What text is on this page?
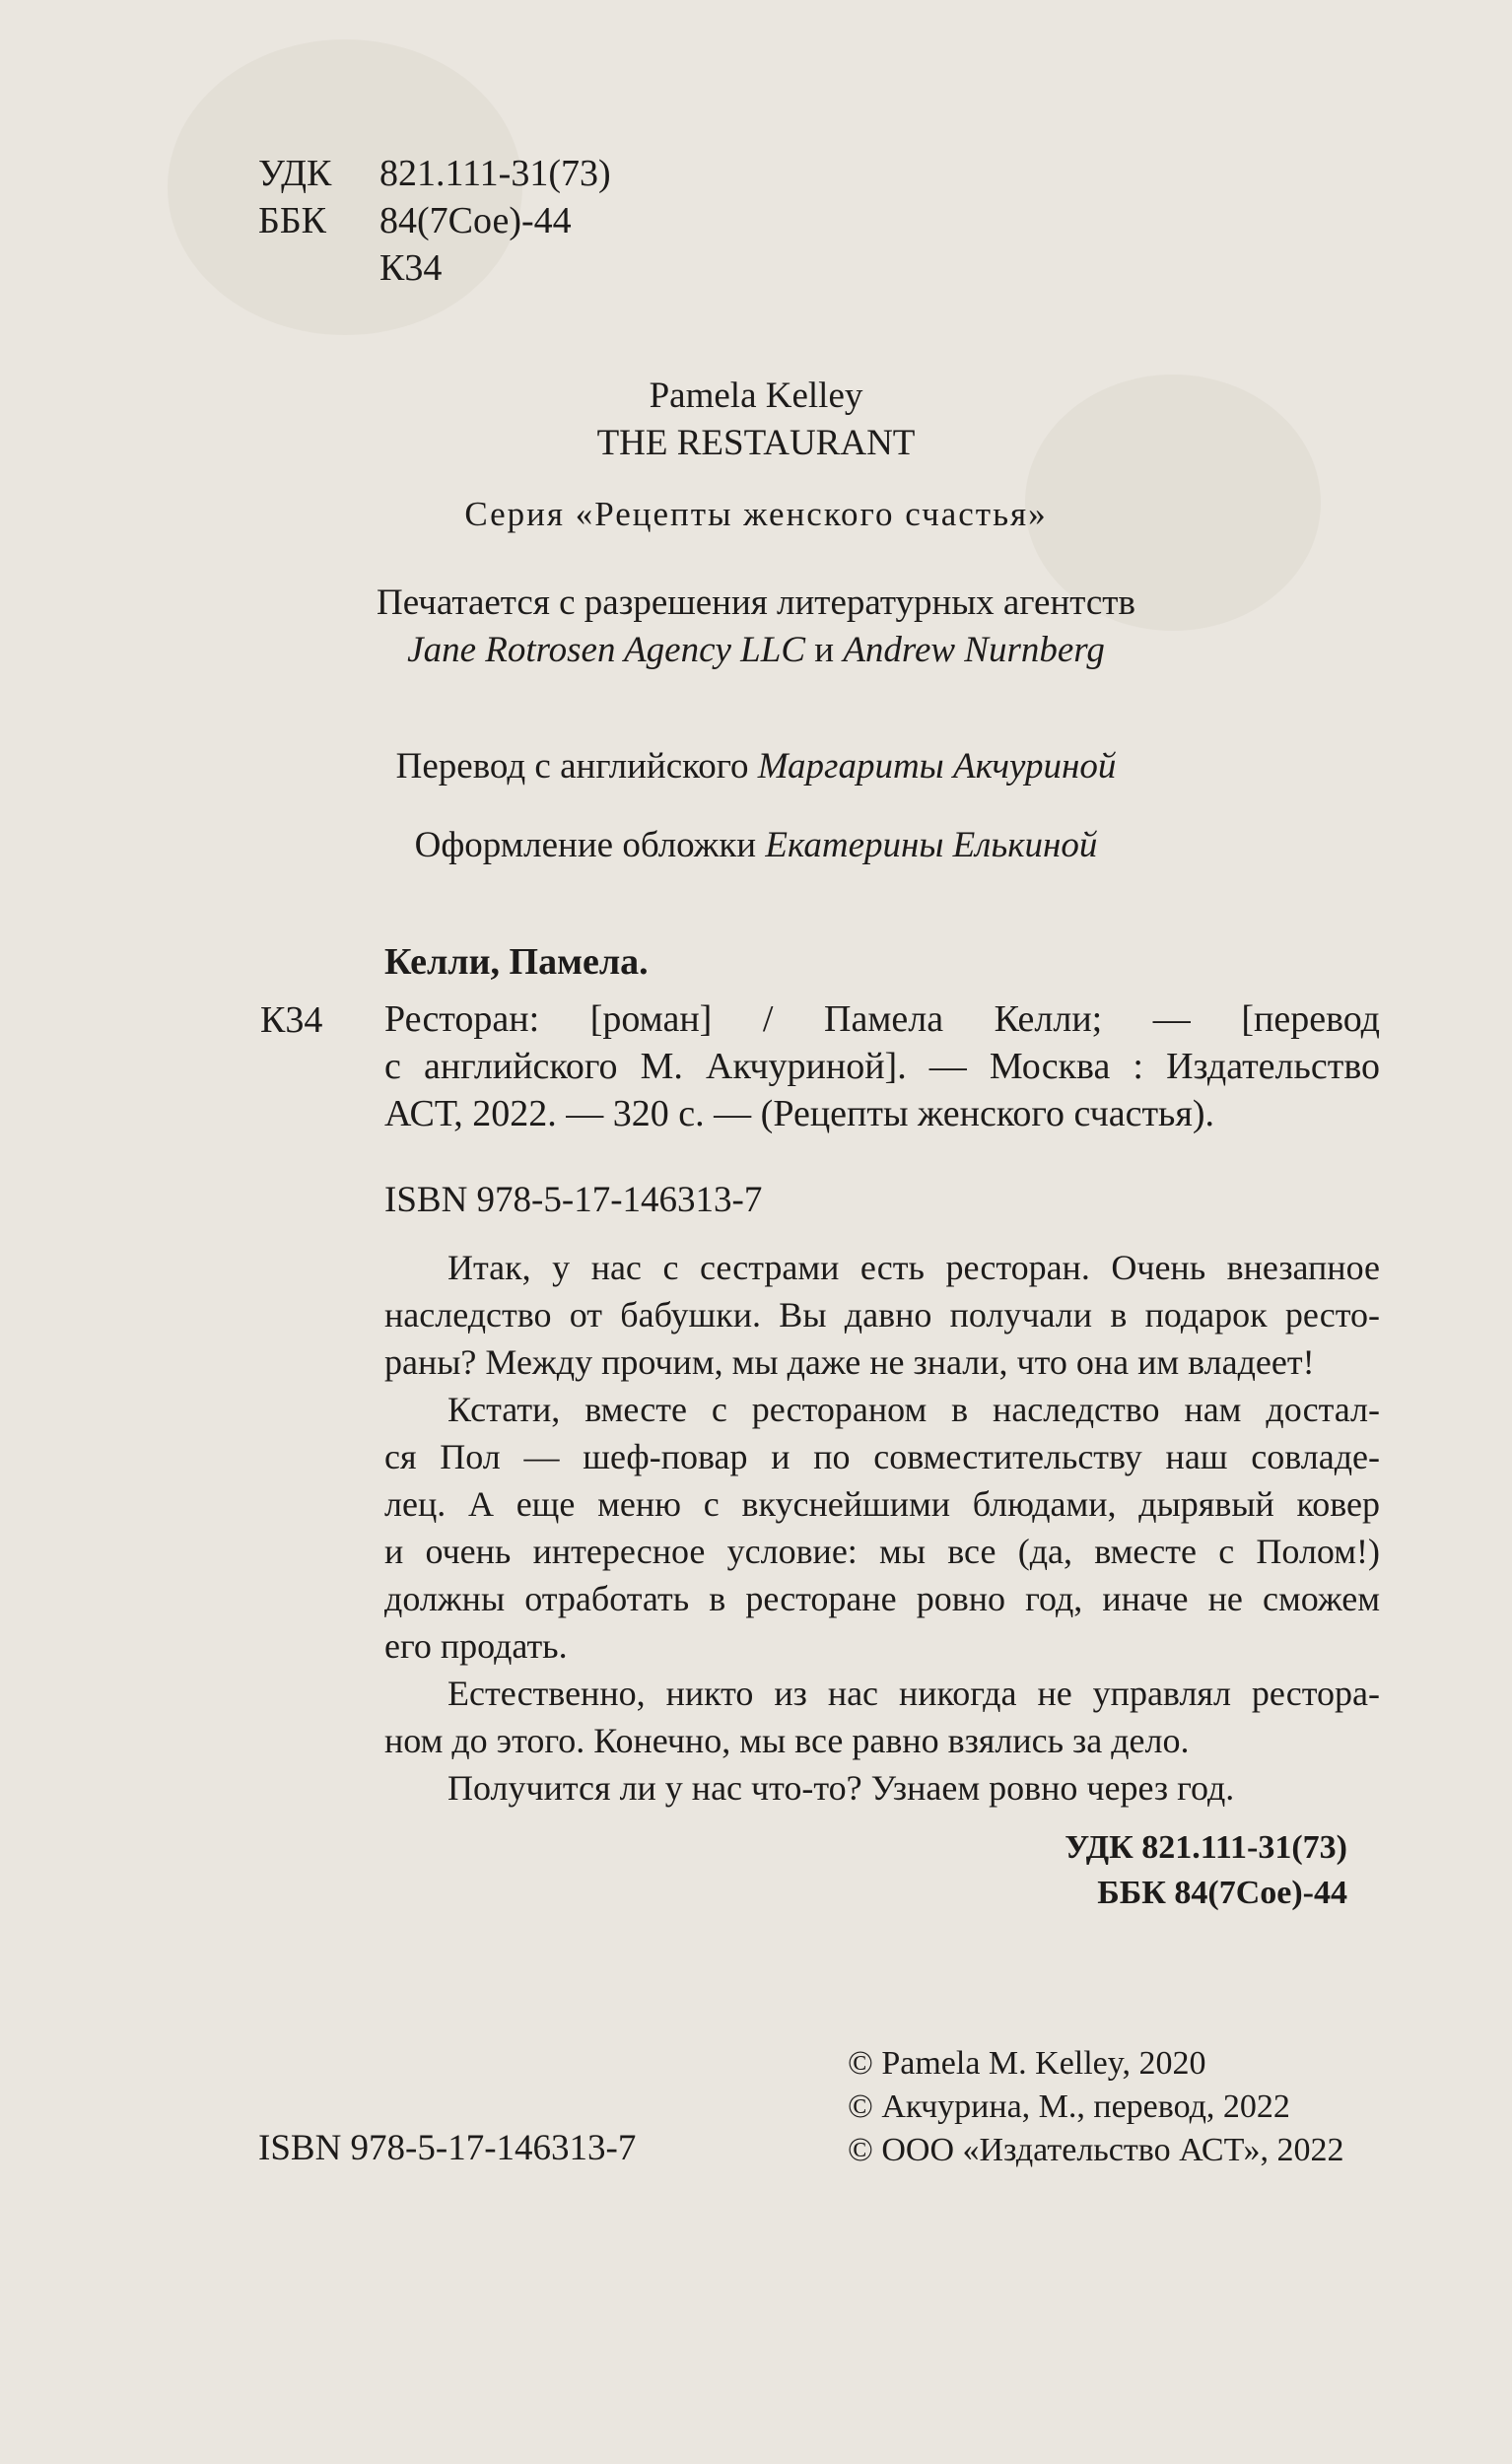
УДК 821.111-31(73)
ББК 84(7Сое)-44
К34
Pamela Kelley
THE RESTAURANT
Серия «Рецепты женского счастья»
Печатается с разрешения литературных агентств
Jane Rotrosen Agency LLC и Andrew Nurnberg
Перевод с английского Маргариты Акчуриной
Оформление обложки Екатерины Елькиной
Келли, Памела.
К34 Ресторан: [роман] / Памела Келли; — [перевод
с английского М. Акчуриной]. — Москва : Издательство
АСТ, 2022. — 320 с. — (Рецепты женского счастья).
ISBN 978-5-17-146313-7

Итак, у нас с сестрами есть ресторан. Очень внезапное
наследство от бабушки. Вы давно получали в подарок ресто-
раны? Между прочим, мы даже не знали, что она им владеет!

Кстати, вместе с рестораном в наследство нам достал-
ся Пол — шеф-повар и по совместительству наш совладе-
лец. А еще меню с вкуснейшими блюдами, дырявый ковер
и очень интересное условие: мы все (да, вместе с Полом!)
должны отработать в ресторане ровно год, иначе не сможем
его продать.

Естественно, никто из нас никогда не управлял рестора-
ном до этого. Конечно, мы все равно взялись за дело.

Получится ли у нас что-то? Узнаем ровно через год.

УДК 821.111-31(73)
ББК 84(7Сое)-44
ISBN 978-5-17-146313-7
© Pamela M. Kelley, 2020
© Акчурина, М., перевод, 2022
© ООО «Издательство АСТ», 2022
